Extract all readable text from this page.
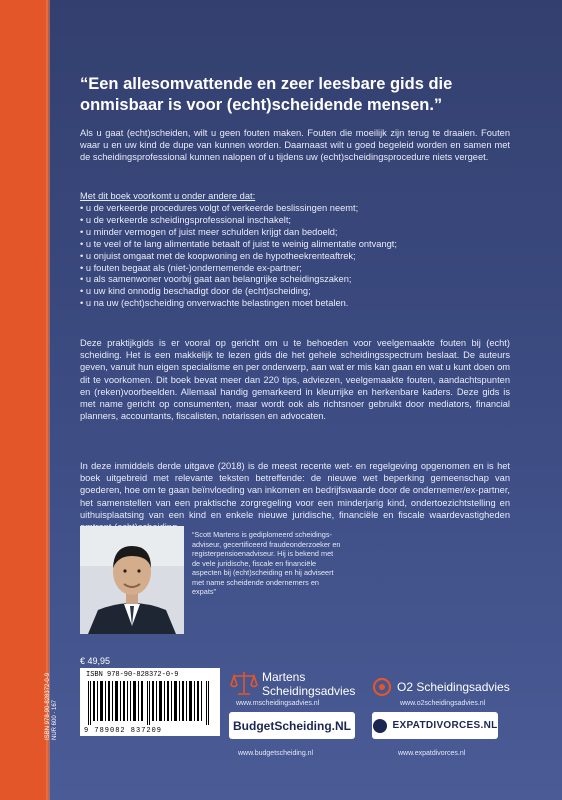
“Een allesomvattende en zeer leesbare gids die onmisbaar is voor (echt)scheidende mensen.”

Als u gaat (echt)scheiden, wilt u geen fouten maken. Fouten die moeilijk zijn terug te draaien. Fouten waar u en uw kind de dupe van kunnen worden. Daarnaast wilt u goed begeleid worden en samen met de scheidingsprofessional kunnen nalopen of u tijdens uw (echt)scheidingsprocedure niets vergeet.

Met dit boek voorkomt u onder andere dat:

• u de verkeerde procedures volgt of verkeerde beslissingen neemt;
• u de verkeerde scheidingsprofessional inschakelt;
• u minder vermogen of juist meer schulden krijgt dan bedoeld;
• u te veel of te lang alimentatie betaalt of juist te weinig alimentatie ontvangt;
• u onjuist omgaat met de koopwoning en de hypotheekrenteaftrek;
• u fouten begaat als (niet-)ondernemende ex-partner;
• u als samenwoner voorbij gaat aan belangrijke scheidingszaken;
• u uw kind onnodig beschadigt door de (echt)scheiding;
• u na uw (echt)scheiding onverwachte belastingen moet betalen.

Deze praktijkgids is er vooral op gericht om u te behoeden voor veelgemaakte fouten bij (echt) scheiding. Het is een makkelijk te lezen gids die het gehele scheidingsspectrum beslaat. De auteurs geven, vanuit hun eigen specialisme en per onderwerp, aan wat er mis kan gaan en wat u kunt doen om dit te voorkomen. Dit boek bevat meer dan 220 tips, adviezen, veelgemaakte fouten, aandachtspunten en (reken)voorbeelden. Allemaal handig gemarkeerd in kleurrijke en herkenbare kaders. Deze gids is met name gericht op consumenten, maar wordt ook als richtsnoer gebruikt door mediators, financial planners, accountants, fiscalisten, notarissen en advocaten.

In deze inmiddels derde uitgave (2018) is de meest recente wet- en regelgeving opgenomen en is het boek uitgebreid met relevante teksten betreffende: de nieuwe wet beperking gemeenschap van goederen, hoe om te gaan beïnvloeding van inkomen en bedrijfswaarde door de ondernemer/ex-partner, het samenstellen van een praktische zorgregeling voor een minderjarig kind, ondertoezichtstelling en uithuisplaatsing van een kind en enkele nieuwe juridische, financiële en fiscale waardevastigheden

“Scott Martens is gediplomeerd scheidings-adviseur, gecertificeerd fraudeonderzoeker en registerpensioenadviseur. Hij is bekend met de vele juridische, fiscale en financiële aspecten bij (echt)scheiding en hij adviseert met name scheidende ondernemers en expats”

€ 49,95
ISBN 978-90-828372-0-9
9 789082 837209
ISBN 978-90-828372-0-9 NUR 600 · 167
Martens
Scheidingsadvies
www.mscheidingsadvies.nl
O2 Scheidingsadvies
www.o2scheidingsadvies.nl
BudgetScheiding.NL
www.budgetscheiding.nl
EXPATDIVORCES.NL
www.expatdivorces.nl
